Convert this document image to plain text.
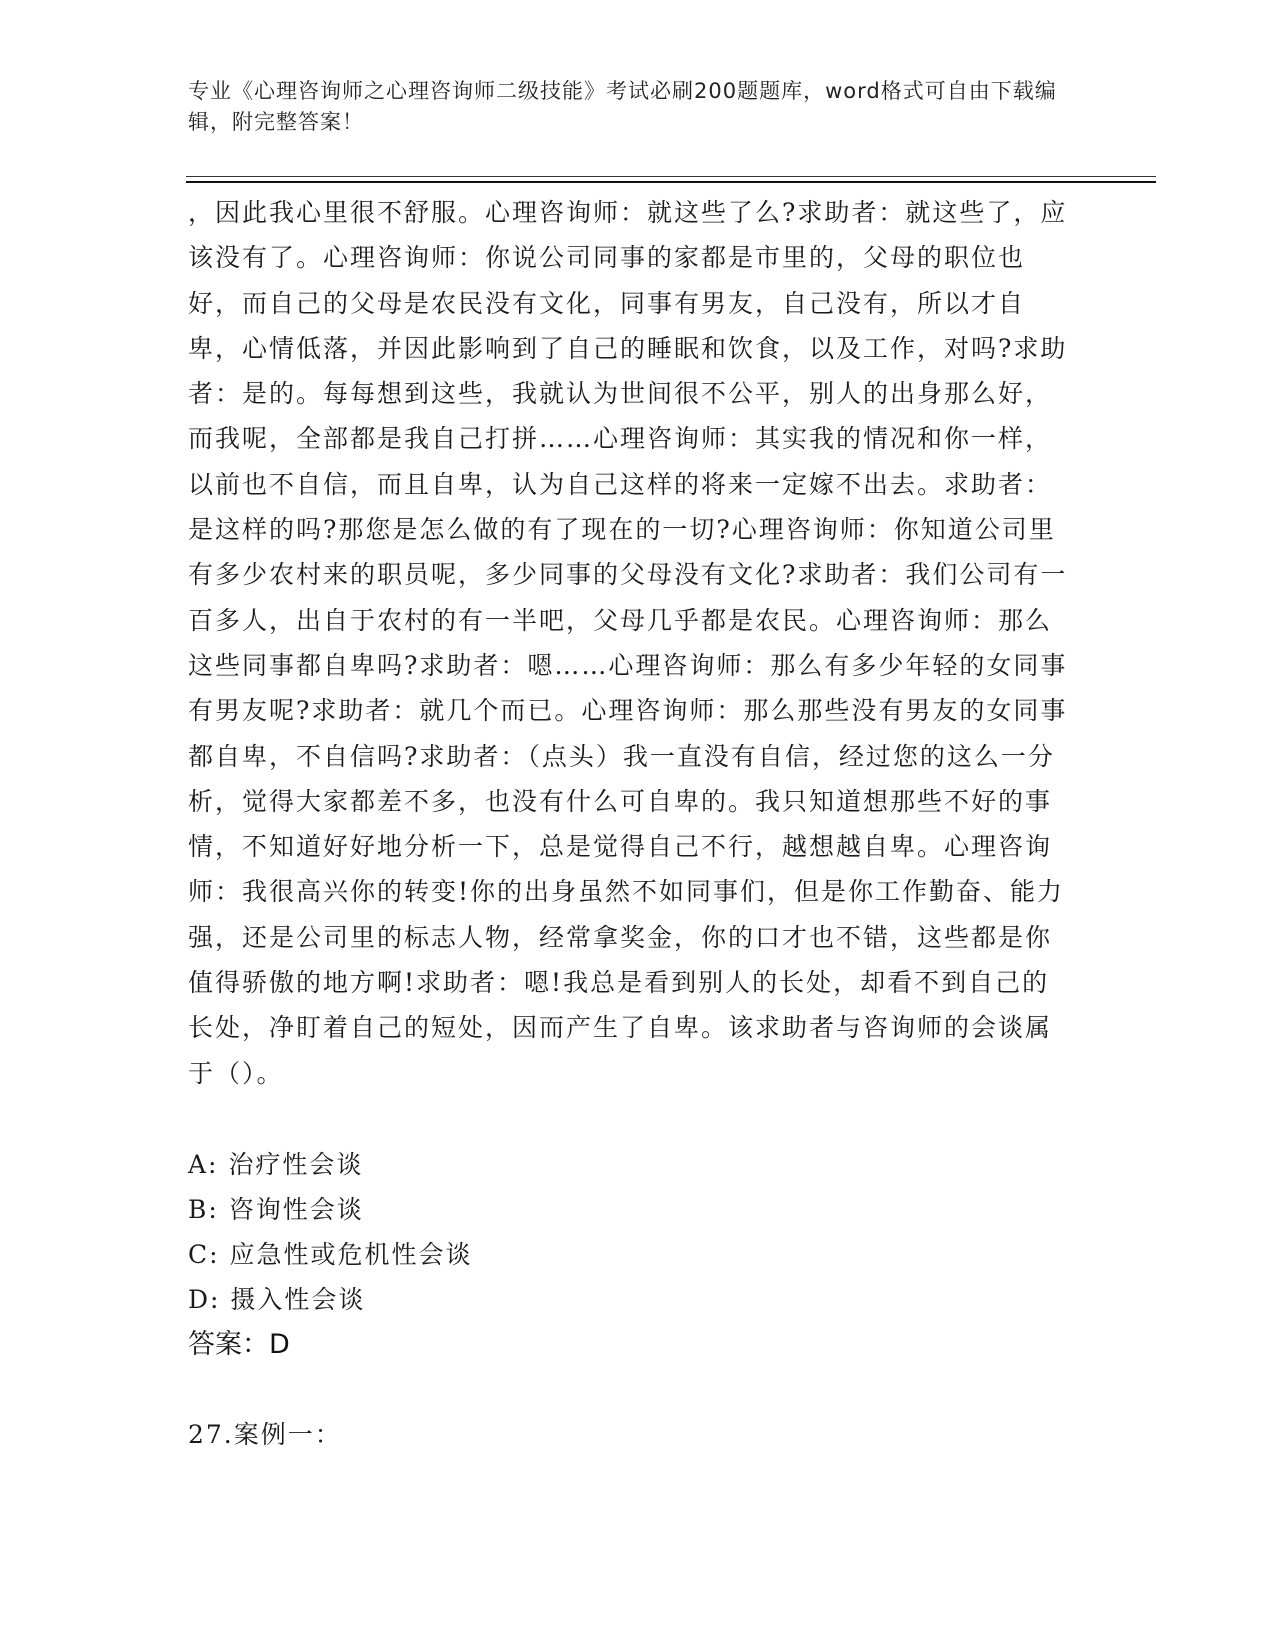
专业《心理咨询师之心理咨询师二级技能》考试必刷200题题库，word格式可自由下载编辑，附完整答案！

，因此我心里很不舒服。心理咨询师：就这些了么?求助者：就这些了，应该没有了。心理咨询师：你说公司同事的家都是市里的，父母的职位也好，而自己的父母是农民没有文化，同事有男友，自己没有，所以才自卑，心情低落，并因此影响到了自己的睡眠和饮食，以及工作，对吗?求助者：是的。每每想到这些，我就认为世间很不公平，别人的出身那么好，而我呢，全部都是我自己打拼……心理咨询师：其实我的情况和你一样，以前也不自信，而且自卑，认为自己这样的将来一定嫁不出去。求助者：是这样的吗?那您是怎么做的有了现在的一切?心理咨询师：你知道公司里有多少农村来的职员呢，多少同事的父母没有文化?求助者：我们公司有一百多人，出自于农村的有一半吧，父母几乎都是农民。心理咨询师：那么这些同事都自卑吗?求助者：嗯……心理咨询师：那么有多少年轻的女同事有男友呢?求助者：就几个而已。心理咨询师：那么那些没有男友的女同事都自卑，不自信吗?求助者：（点头）我一直没有自信，经过您的这么一分析，觉得大家都差不多，也没有什么可自卑的。我只知道想那些不好的事情，不知道好好地分析一下，总是觉得自己不行，越想越自卑。心理咨询师：我很高兴你的转变!你的出身虽然不如同事们，但是你工作勤奋、能力强，还是公司里的标志人物，经常拿奖金，你的口才也不错，这些都是你值得骄傲的地方啊!求助者：嗯!我总是看到别人的长处，却看不到自己的长处，净盯着自己的短处，因而产生了自卑。该求助者与咨询师的会谈属于（）。

A: 治疗性会谈
B: 咨询性会谈
C: 应急性或危机性会谈
D: 摄入性会谈
答案：D
27.案例一：
